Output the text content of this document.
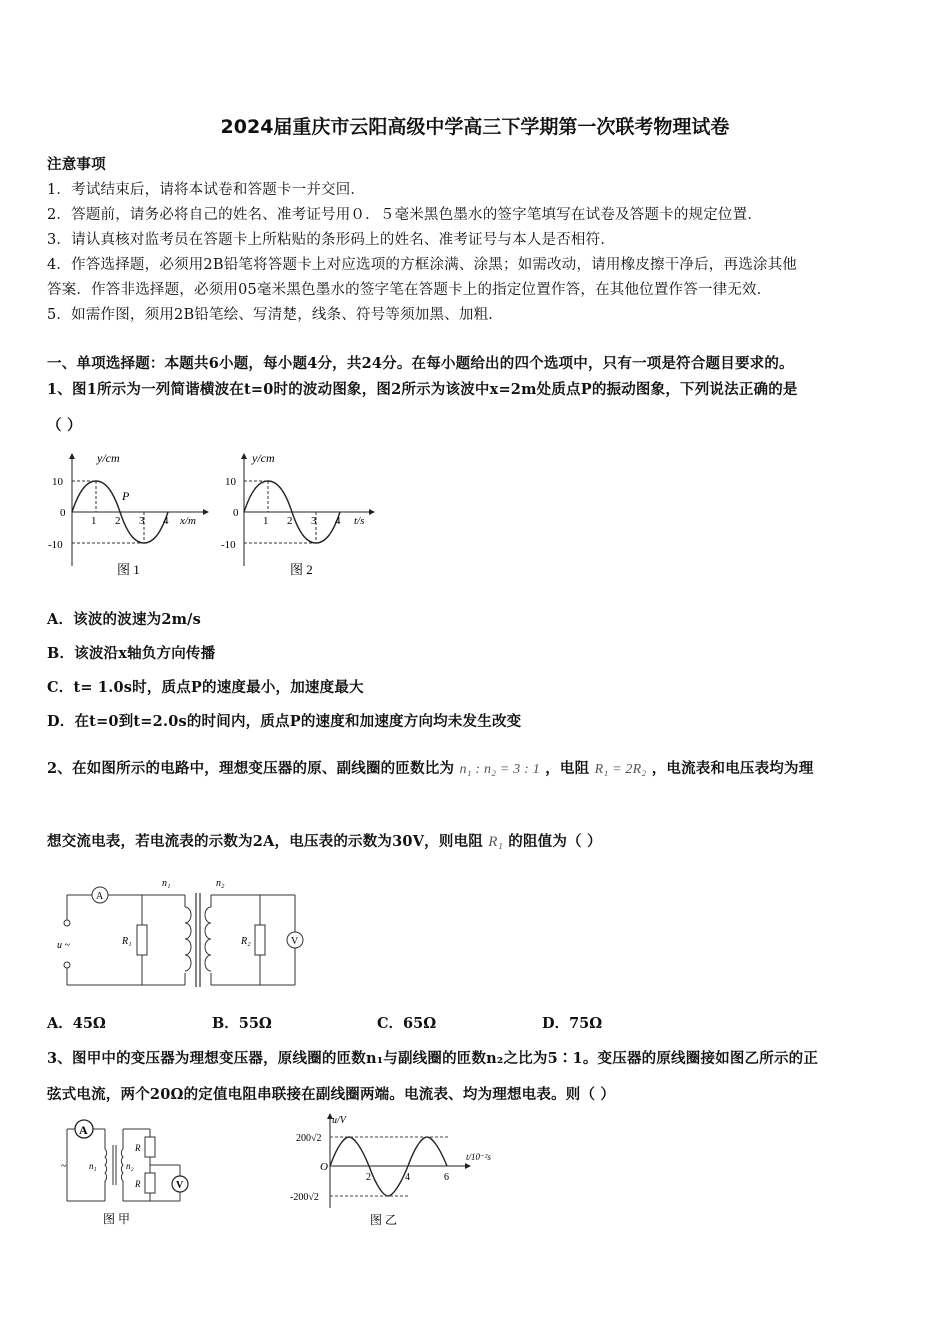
2024届重庆市云阳高级中学高三下学期第一次联考物理试卷
注意事项
1．考试结束后，请将本试卷和答题卡一并交回．
2．答题前，请务必将自己的姓名、准考证号用０．５毫米黑色墨水的签字笔填写在试卷及答题卡的规定位置．
3．请认真核对监考员在答题卡上所粘贴的条形码上的姓名、准考证号与本人是否相符．
4．作答选择题，必须用2B铅笔将答题卡上对应选项的方框涂满、涂黑；如需改动，请用橡皮擦干净后，再选涂其他
答案．作答非选择题，必须用05毫米黑色墨水的签字笔在答题卡上的指定位置作答，在其他位置作答一律无效．
5．如需作图，须用2B铅笔绘、写清楚，线条、符号等须加黑、加粗．
一、单项选择题：本题共6小题，每小题4分，共24分。在每小题给出的四个选项中，只有一项是符合题目要求的。
1、图1所示为一列简谐横波在t=0时的波动图象，图2所示为该波中x=2m处质点P的振动图象，下列说法正确的是
（ ）
y/cm
x/m
10
0
-10
1 2 3 4
P
图 1
y/cm
t/s
10
0
-10
1 2 3 4
图 2
A．该波的波速为2m/s
B．该波沿x轴负方向传播
C．t= 1.0s时，质点P的速度最小，加速度最大
D．在t=0到t=2.0s的时间内，质点P的速度和加速度方向均未发生改变
2、在如图所示的电路中，理想变压器的原、副线圈的匝数比为 n₁ : n₂ = 3 : 1 ，电阻 R₁ = 2R₂ ，电流表和电压表均为理
想交流电表，若电流表的示数为2A，电压表的示数为30V，则电阻 R₁ 的阻值为（ ）
A
V
u ~	R₁	R₂
n₁	n₂
A．45Ω	B．55Ω	C．65Ω	D．75Ω
3、图甲中的变压器为理想变压器，原线圈的匝数n₁与副线圈的匝数n₂之比为5∶1。变压器的原线圈接如图乙所示的正
弦式电流，两个20Ω的定值电阻串联接在副线圈两端。电流表、均为理想电表。则（ ）
A
V
~	n₁	n₂
R
R
图 甲
u/V
t/10⁻²s
200√2
-200√2
O
2	4	6
图 乙
